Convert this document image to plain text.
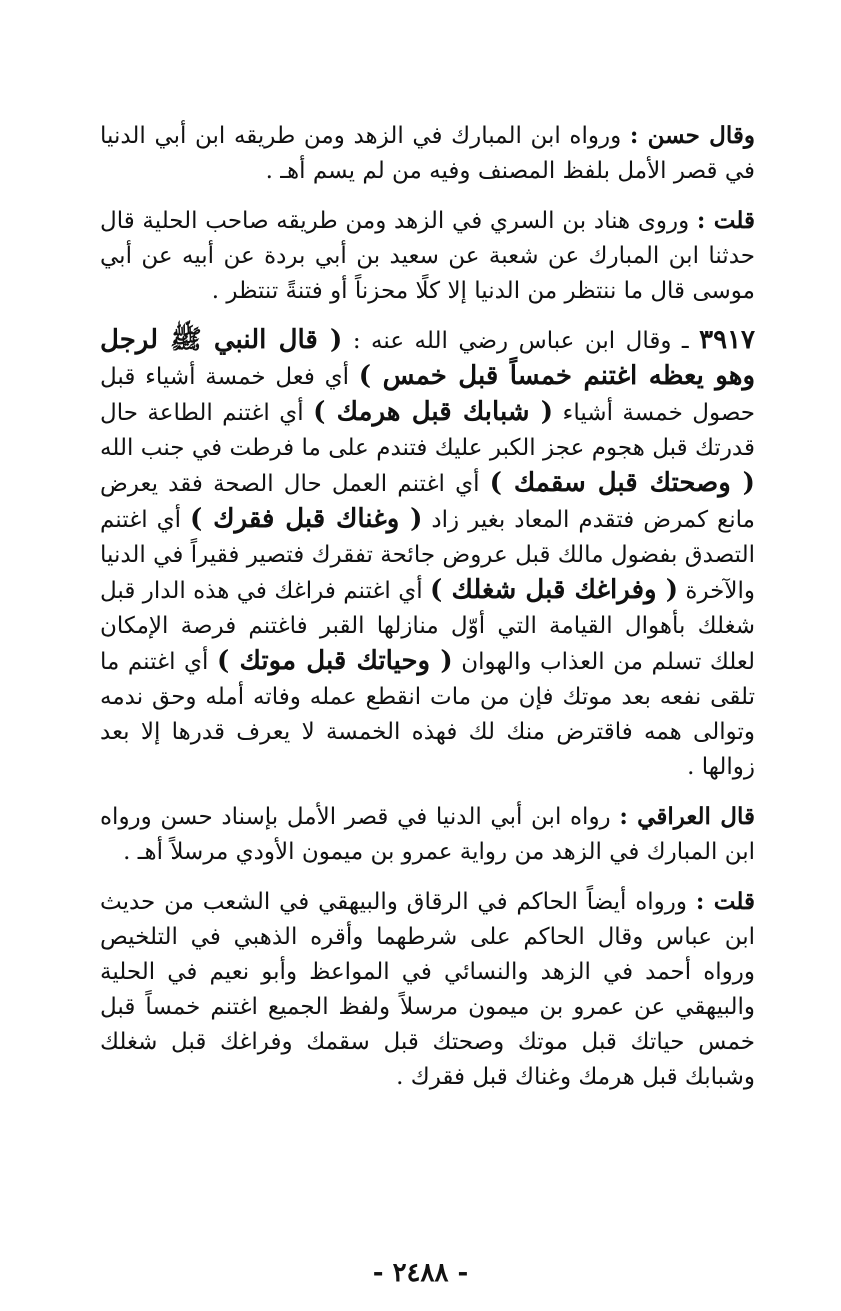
وقال حسن : ورواه ابن المبارك في الزهد ومن طريقه ابن أبي الدنيا في قصر الأمل بلفظ المصنف وفيه من لم يسم أهـ .

قلت : وروى هناد بن السري في الزهد ومن طريقه صاحب الحلية قال حدثنا ابن المبارك عن شعبة عن سعيد بن أبي بردة عن أبيه عن أبي موسى قال ما ننتظر من الدنيا إلا كلًا محزناً أو فتنةً تنتظر .

٣٩١٧ ـ وقال ابن عباس رضي الله عنه : ( قال النبي ﷺ لرجل وهو يعظه اغتنم خمساً قبل خمس ) أي فعل خمسة أشياء قبل حصول خمسة أشياء ( شبابك قبل هرمك ) أي اغتنم الطاعة حال قدرتك قبل هجوم عجز الكبر عليك فتندم على ما فرطت في جنب الله ( وصحتك قبل سقمك ) أي اغتنم العمل حال الصحة فقد يعرض مانع كمرض فتقدم المعاد بغير زاد ( وغناك قبل فقرك ) أي اغتنم التصدق بفضول مالك قبل عروض جائحة تفقرك فتصير فقيراً في الدنيا والآخرة ( وفراغك قبل شغلك ) أي اغتنم فراغك في هذه الدار قبل شغلك بأهوال القيامة التي أوّل منازلها القبر فاغتنم فرصة الإمكان لعلك تسلم من العذاب والهوان ( وحياتك قبل موتك ) أي اغتنم ما تلقى نفعه بعد موتك فإن من مات انقطع عمله وفاته أمله وحق ندمه وتوالى همه فاقترض منك لك فهذه الخمسة لا يعرف قدرها إلا بعد زوالها .

قال العراقي : رواه ابن أبي الدنيا في قصر الأمل بإسناد حسن ورواه ابن المبارك في الزهد من رواية عمرو بن ميمون الأودي مرسلاً أهـ .

قلت : ورواه أيضاً الحاكم في الرقاق والبيهقي في الشعب من حديث ابن عباس وقال الحاكم على شرطهما وأقره الذهبي في التلخيص ورواه أحمد في الزهد والنسائي في المواعظ وأبو نعيم في الحلية والبيهقي عن عمرو بن ميمون مرسلاً ولفظ الجميع اغتنم خمساً قبل خمس حياتك قبل موتك وصحتك قبل سقمك وفراغك قبل شغلك وشبابك قبل هرمك وغناك قبل فقرك .

- ٢٤٨٨ -
